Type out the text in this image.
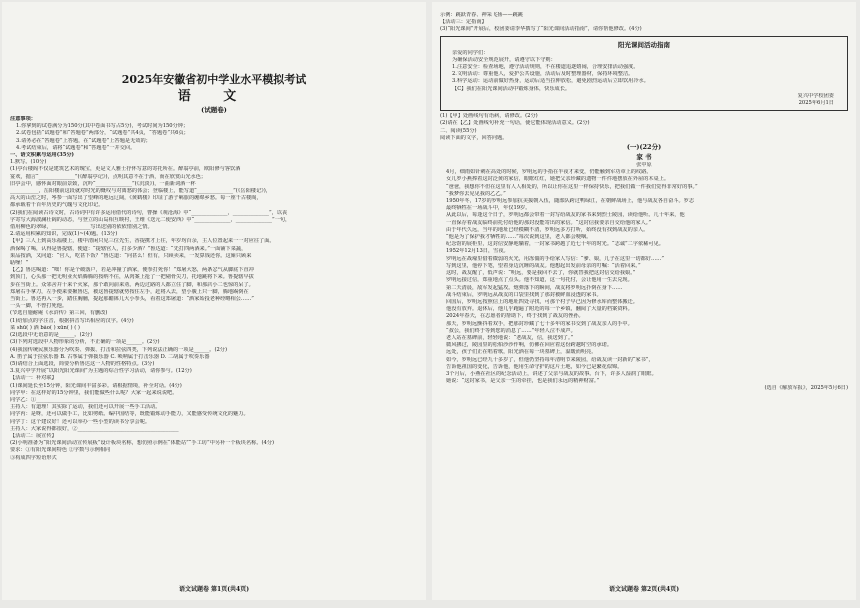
2025年安徽省初中学业水平模拟考试
语 文
(试题卷)
注意事项：
1.你拿到的试卷满分为150分(其中卷面书写占5分)，考试时间为150分钟；
2.试卷包括“试题卷”和“答题卷”两部分，“试题卷”共4页，“答题卷”共6页；
3.请务必在“答题卷”上答题，在“试题卷”上答题是无效的；
4.考试结束后，请将“试题卷”和“答题卷”一并交回。
一、语文积累与运用(35分)
1.默写。(10分)
(1)亭台楼阁不仅是建筑艺术的瑰宝，更是文人雅士抒怀写意的寄托所在。醉翁亭前，欧阳修与客饮酒
宴欢，抛言“______________”(《醉翁亭记》)，点明其意不在于酒，而在欣赏山光水色；
旧亭会中，感怀面对眼前景致，沉吟“______________”(《沉淡》)，一曲新词酒一杯
___________，岳阳楼前这段就对时光的慨叹与对离愁的体会；登临楼上，能写道“______________”(《岳阳楼记》)，
高大的山峦之时，岑参一面写出了望峰的地远辽阔，《黄鹤楼》印证了游子羁旅的缠绵乡愁。每一座千古楼阁，
都承载着千百年历史的气魄与文化印记。
(2)我们在阅读古诗文时，古诗词中有许多运用借代的诗句，曹操《观沧海》中“______________，______________”，以丧
字寄写大海波澜壮阔的动态，与登立的山岛相互映衬，王维《送元二使安西》中“______________，______________”一句，
借用柳色的翠绿，_______________写出送别的依依惜别之情。
2.请运用积累的知识，完成(1)~(4)题。(13分)
【甲】三人上到高乐福楼上，楼中清闲只见三位先生，香提携才上往，年岁均百余，主人位置起来一一对应往了面。
酒保喝了喝，认得是鲁提辖，便道：“提辖官人，打多少酒？”鲁达道：“先打四两酒来。”一面铺下菜蔬，
果品按酒，又问道：“官人，吃甚下饭？”鲁达道：“问甚么！但有，只顾卖来，一发算钱还你。这厮只顾来
聒噪！”
【乙】鲁达喝道：“咄！你是个破落户，若是冲撞了洒家，便拳打死你！”郑屠大怒，两条忿气从脚底下直冲
到顶门，心头那一把无明业火焰腾腾的按纳不住，从肉案上抢了一把剔骨尖刀，托地跳将下来。鲁提辖早拔
步在当街上。众邻舍并十来个火家，那个敢向前来劝。两边过路的人都立住了脚，和那店小二也惊的呆了。
郑屠右手拿刀，左手便来要揪鲁达，被这鲁提辖就势按住左手，赶将入去，望小腹上只一脚，腾地踢倒在
当街上。鲁达再入一步，踏住胸脯，提起那醋钵儿大小拳头，看着这郑屠道：“洒家始投老种经略相公……”
一头一脚，不曾打死他。
(节选自施耐庵《水浒传》第三回，有删改)
(1)给加点的字注音，根据拼音写出相应的汉字。(4分)
菜 shū( ) 酒 bǎo( ) xūn( ) ( )
(2)选段中无语意的是______。(2分)
(3)下列对选段中人物形象的分析，不正确的一项是______。(2分)
(4)我国传统民族乐器分为吹奏、弹拨、打击和拉弦四类，下列说法正确的一项是______。(2分)
A. 笛子属于拉弦乐器 B. 古筝属于弹拨乐器 C. 唢呐属于打击乐器 D. 二胡属于吹奏乐器
(5)请结合上面选段，简要分析鲁达这一人物的性格特点。(3分)
3.复兴中学开展“以阳光阳光课间”为主题的综合性学习活动，请你参与。(12分)
【活动一：补对联】
(1)课间延长至15分钟，阳光课间丰富多彩。请根据情境，补全对话。(4分)
同学甲：在这样好的15分钟里，我们能做些什么呢？大家一起来说说吧。
同学乙：①_______________________________________________
主持人：有道理！其实除了运动，我们还可以开展一些手工活动。
同学丙：是呀，还可以做手工，比如剪纸、编中国结等，既能锻炼动手能力，又能感受传统文化的魅力。
同学丁：这个建议好！还可以举办一些小型的读书分享会呢。
主持人：大家说得都很好，②_______________________________________
【活动二：展宣传】
(2)小明准备为“阳光课间活动宣传展板”设计板块名称，想仿照示例在“体能站”“手工坊”中另补一个板块名称。(4分)
要求：①有阳光课间特色 ②字数与示例相同
③构成四字短语形式
语文试题卷 第1页(共4页)
示例：跳跃青春、神采飞扬——跳跳
【活动三：定指南】
(3)“阳光课间”开展后，校团委请李华撰写了“阳光课间活动指南”，请你帮他修改。(4分)
阳光课间活动指南
亲爱的同学们：
为确保活动安全规范展开，请遵守以下守则：
1.注意安全：检查场地，遵守活动规则，不在楼道追逐嬉闹，合理安排活动强度。
2.文明活动：尊重他人，爱护公共设施，活动后及时整理器材，保持环境整洁。
3.科学运动：运动前做好热身，运动后适当拉伸放松，避免剧烈运动后立即饮用冷水。
【C】我们在阳光课间活动中锻炼身体，快乐成长。
复兴中学校团委
2025年6月1日
(1)【甲】处画线句有语病，请修改。(2分)
(2)请在【乙】处画线句补充一句话，使它能体现活动意义。(2分)
二、阅读(55分)
阅读下面的文字，回答问题。
(一)(22分)
家 书
张中原
4月，细雨如针刺在高处的时候，罗明远的手指在半夜才来变，仍能触到军功章上的纹路。
女儿罗小燕捧着这封泛黄的家信，眼眶红红，她把父亲珍藏的遗物一件件地摆放在外屋的木桌上。
“爸爸，我想你不但在这里有人人相处的，所以让你在这里一样保持快乐，把我们做一件我们觉得非常好的事。”
“我梦你去见见我的乙乙。”
1950年冬，17岁的罗明远参加抗美援朝入伍，随部队跨过鸭绿江，在朝鲜战场上，他与战友各自奋斗。罗志
最终牺牲在一场战斗中，年仅19岁。
从此以后，每逢这个日子，罗明远都会带着一封写给战友的家书来到烈士陵园，读给他听。几十年来，他
一直保存着战友临终前托付给他的那封没能寄出的家信。“这封信我要亲自交给他的家人。”
由于年代久远，当年的地址已经模糊不清，罗明远多方打听，始终没有找到战友的亲人。
“他是为了保护我才牺牲的……”每次说到这里，老人都会哽咽。
纪念馆的展柜里，这封信安静地躺着，一封家书跨越了近七十年的时光。“志诚”二字依稀可见。
1952年12月13日，雪夜。
罗明远在战壕里借着微弱的火光，用冻僵的手给家人写信：“爹、娘，儿子在这里一切都好……”
写到这里，他停下笔，望着身边沉睡的战友。他想起出发前母亲的叮嘱：“活着回来。”
这时，战友醒了，低声说：“明远，要是我回不去了，你就替我把这封信交给我娘。”
罗明远接过信，郑重地点了点头。他不知道，这一句托付，会让他用一生去兑现。
第二天清晨，敌军发起猛攻。炮弹落下的瞬间，战友将罗明远扑倒在身下……
战斗结束后，罗明远从战友的口袋里找到了那封被鲜血浸透的家书。
回国后，罗明远按照信上的地址四处寻找，可那个村子早已因为修水库而整体搬迁。
他没有放弃。退休后，他几乎跑遍了附近的每一个乡镇，翻阅了大量的档案资料。
2024年春天，在志愿者的帮助下，终于找到了战友的侄孙。
那天，罗明远颤抖着双手，把那封珍藏了七十多年的家书交到了战友亲人的手中。
“叔公，我们终于等到您的消息了……”年轻人泣不成声。
老人站在墓碑前，轻轻地说：“老战友，信，我送到了。”
微风拂过，陵园里的松柏沙沙作响，仿佛在回应着这份跨越时空的承诺。
远处，孩子们正在唱着歌，阳光洒在每一块墓碑上，温暖而明亮。
如今，罗明远已经九十多岁了，但他仍坚持每年清明节来陵园，给战友读一封新的“家书”，
告诉他祖国的变化，告诉他，他用生命守护的这片土地，如今已是繁花似锦。
3个月后，小燕在社区的纪念活动上，讲述了父亲与战友的故事。台下，许多人湿润了眼眶。
她说：“这封家书，是父亲一生的牵挂，也是我们永远的精神财富。”
(选自《解放军报》，2025年5月6日)
语文试题卷 第2页(共4页)
